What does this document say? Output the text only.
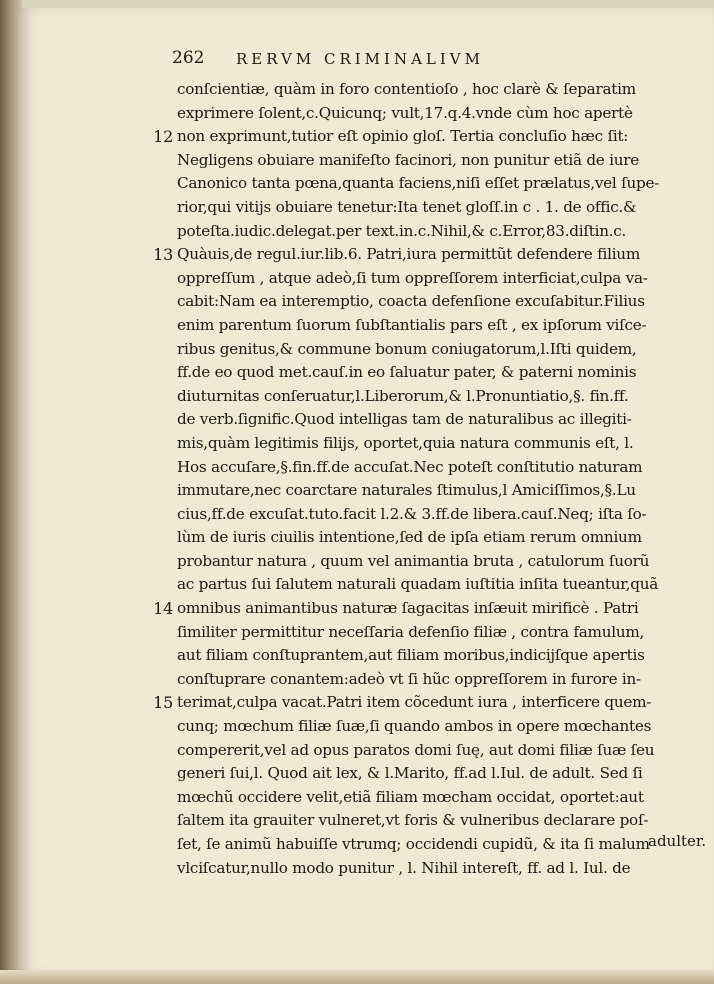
262 RERVM CRIMINALIVM
conſcientiæ, quàm in foro contentioſo , hoc clarè & ſeparatim
exprimere ſolent,c.Quicunq; vult,17.q.4.vnde cùm hoc apertè
12 non exprimunt,tutior eſt opinio gloſ. Tertia concluſio hæc ſit:
Negligens obuiare manifeſto facinori, non punitur etiã de iure
Canonico tanta pœna,quanta faciens,niſi eſſet prælatus,vel ſupe-
rior,qui vitijs obuiare tenetur:Ita tenet gloſſ.in c . 1. de offic.&
poteſta.iudic.delegat.per text.in.c.Nihil,& c.Error,83.diſtin.c.
13 Quàuis,de regul.iur.lib.6. Patri,iura permittũt defendere filium
oppreſſum , atque adeò,ſi tum oppreſſorem interficiat,culpa va-
cabit:Nam ea interemptio, coacta defenſione excuſabitur.Filius
enim parentum ſuorum ſubſtantialis pars eſt , ex ipſorum viſce-
ribus genitus,& commune bonum coniugatorum,l.Iſti quidem,
ff.de eo quod met.cauſ.in eo ſaluatur pater, & paterni nominis
diuturnitas conſeruatur,l.Liberorum,& l.Pronuntiatio,§. fin.ff.
de verb.ſignific.Quod intelligas tam de naturalibus ac illegiti-
mis,quàm legitimis filijs, oportet,quia natura communis eſt, l.
Hos accuſare,§.fin.ff.de accuſat.Nec poteſt conſtitutio naturam
immutare,nec coarctare naturales ſtimulus,l Amiciſſimos,§.Lu
cius,ff.de excuſat.tuto.facit l.2.& 3.ff.de libera.cauſ.Neq; iſta ſo-
lùm de iuris ciuilis intentione,ſed de ipſa etiam rerum omnium
probantur natura , quum vel animantia bruta , catulorum ſuorũ
ac partus ſui ſalutem naturali quadam iuſtitia inſita tueantur,quã
14 omnibus animantibus naturæ ſagacitas inſæuit mirificè . Patri
ſimiliter permittitur neceſſaria defenſio filiæ , contra famulum,
aut filiam conſtuprantem,aut filiam moribus,indicijſque apertis
conſtuprare conantem:adeò vt ſi hũc oppreſſorem in furore in-
15 terimat,culpa vacat.Patri item cõcedunt iura , interficere quem-
cunq; mœchum filiæ ſuæ,ſi quando ambos in opere mœchantes
compererit,vel ad opus paratos domi ſuę, aut domi filiæ ſuæ ſeu
generi ſui,l. Quod ait lex, & l.Marito, ff.ad l.Iul. de adult. Sed ſi
mœchũ occidere velit,etiã filiam mœcham occidat, oportet:aut
ſaltem ita grauiter vulneret,vt foris & vulneribus declarare poſ-
ſet, ſe animũ habuiſſe vtrumq; occidendi cupidũ, & ita ſi malum
vlciſcatur,nullo modo punitur , l. Nihil intereſt, ff. ad l. Iul. de
adulter.
